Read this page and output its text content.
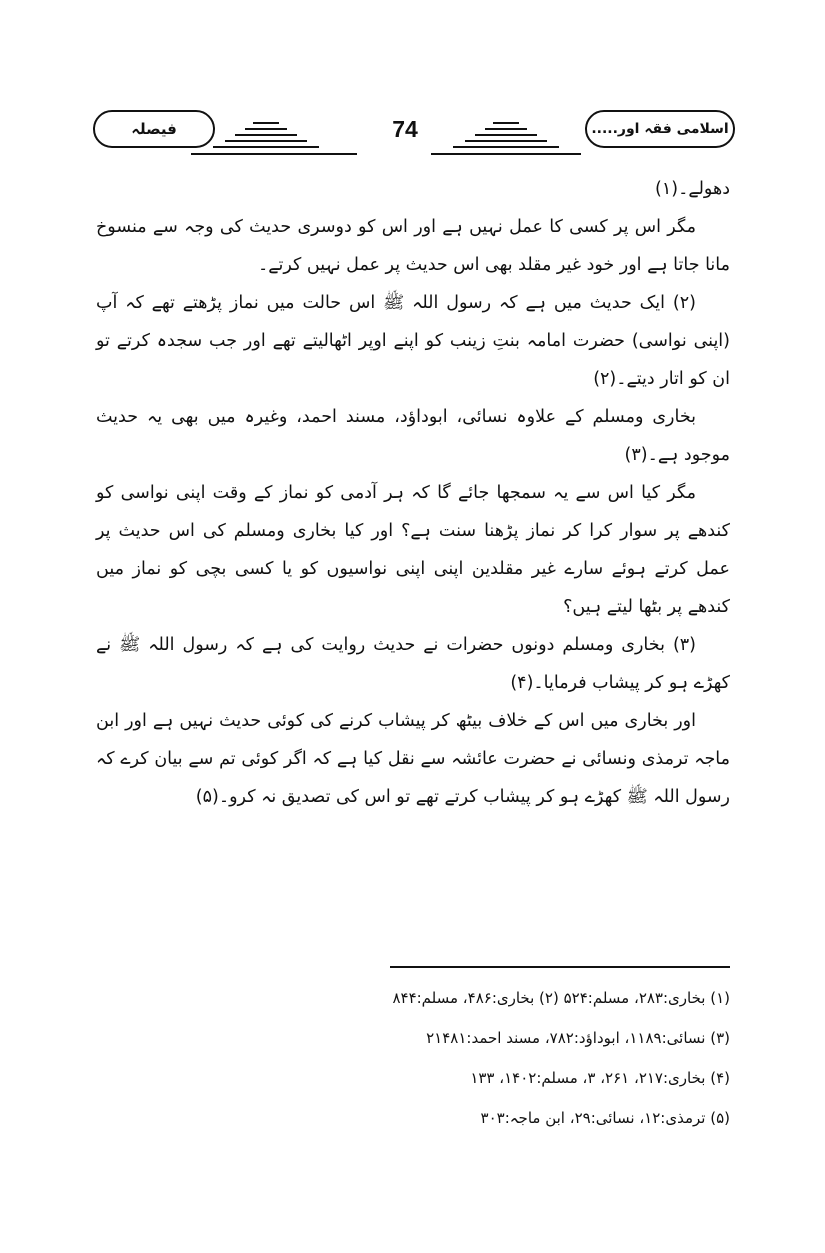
فیصلہ	74	اسلامی فقہ اور.....

دھولے۔(۱)

مگر اس پر کسی کا عمل نہیں ہے اور اس کو دوسری حدیث کی وجہ سے منسوخ مانا جاتا ہے اور خود غیر مقلد بھی اس حدیث پر عمل نہیں کرتے۔

(۲) ایک حدیث میں ہے کہ رسول اللہ ﷺ اس حالت میں نماز پڑھتے تھے کہ آپ (اپنی نواسی) حضرت امامہ بنتِ زینب کو اپنے اوپر اٹھالیتے تھے اور جب سجدہ کرتے تو ان کو اتار دیتے۔(۲)

بخاری ومسلم کے علاوہ نسائی، ابوداؤد، مسند احمد، وغیرہ میں بھی یہ حدیث موجود ہے۔(۳)

مگر کیا اس سے یہ سمجھا جائے گا کہ ہر آدمی کو نماز کے وقت اپنی نواسی کو کندھے پر سوار کرا کر نماز پڑھنا سنت ہے؟ اور کیا بخاری ومسلم کی اس حدیث پر عمل کرتے ہوئے سارے غیر مقلدین اپنی اپنی نواسیوں کو یا کسی بچی کو نماز میں کندھے پر بٹھا لیتے ہیں؟

(۳) بخاری ومسلم دونوں حضرات نے حدیث روایت کی ہے کہ رسول اللہ ﷺ نے کھڑے ہو کر پیشاب فرمایا۔(۴)

اور بخاری میں اس کے خلاف بیٹھ کر پیشاب کرنے کی کوئی حدیث نہیں ہے اور ابن ماجہ ترمذی ونسائی نے حضرت عائشہ سے نقل کیا ہے کہ اگر کوئی تم سے بیان کرے کہ رسول اللہ ﷺ کھڑے ہو کر پیشاب کرتے تھے تو اس کی تصدیق نہ کرو۔(۵)

(۱) بخاری:۲۸۳، مسلم:۵۲۴ (۲) بخاری:۴۸۶، مسلم:۸۴۴
(۳) نسائی:۱۱۸۹، ابوداؤد:۷۸۲، مسند احمد:۲۱۴۸۱
(۴) بخاری:۲۱۷، ۲۶۱، ۳، مسلم:۱۴۰۲، ۱۳۳
(۵) ترمذی:۱۲، نسائی:۲۹، ابن ماجہ:۳۰۳
